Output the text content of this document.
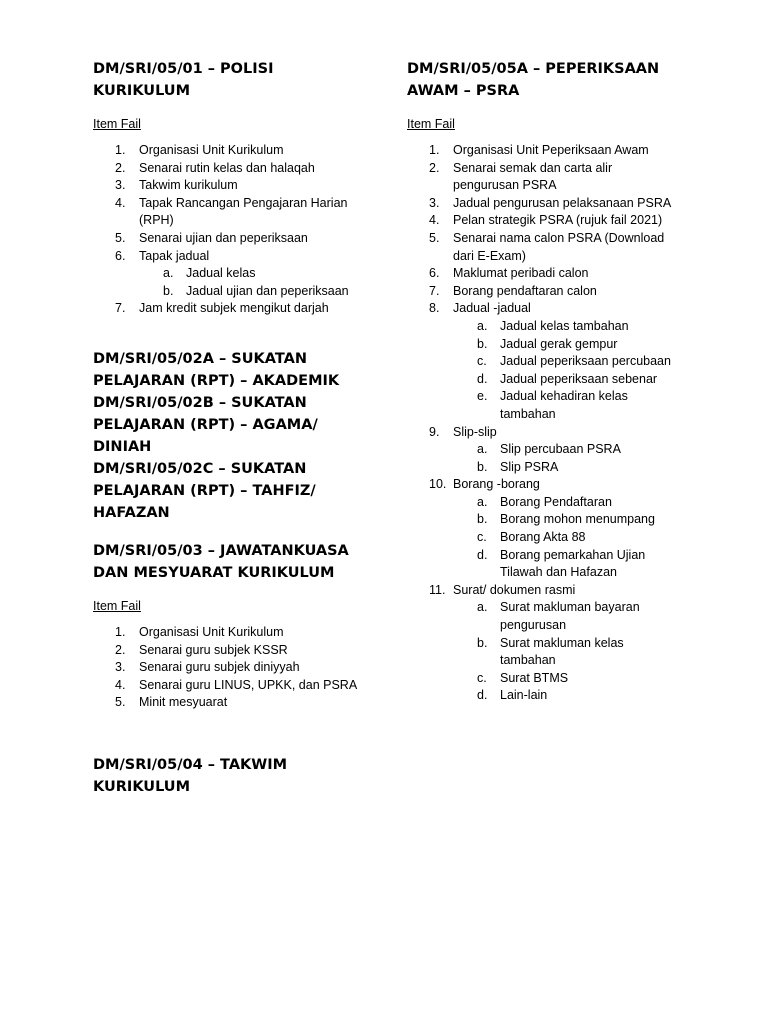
DM/SRI/05/01 – POLISI
KURIKULUM

Item Fail

1. Organisasi Unit Kurikulum
2. Senarai rutin kelas dan halaqah
3. Takwim kurikulum
4. Tapak Rancangan Pengajaran Harian
(RPH)
5. Senarai ujian dan peperiksaan
6. Tapak jadual
a. Jadual kelas
b. Jadual ujian dan peperiksaan
7. Jam kredit subjek mengikut darjah
DM/SRI/05/02A – SUKATAN
PELAJARAN (RPT) – AKADEMIK
DM/SRI/05/02B – SUKATAN
PELAJARAN (RPT) – AGAMA/
DINIAH
DM/SRI/05/02C – SUKATAN
PELAJARAN (RPT) – TAHFIZ/
HAFAZAN
DM/SRI/05/03 – JAWATANKUASA
DAN MESYUARAT KURIKULUM

Item Fail

1. Organisasi Unit Kurikulum
2. Senarai guru subjek KSSR
3. Senarai guru subjek diniyyah
4. Senarai guru LINUS, UPKK, dan PSRA
5. Minit mesyuarat
DM/SRI/05/04 – TAKWIM
KURIKULUM
DM/SRI/05/05A – PEPERIKSAAN
AWAM – PSRA

Item Fail

1. Organisasi Unit Peperiksaan Awam
2. Senarai semak dan carta alir
pengurusan PSRA
3. Jadual pengurusan pelaksanaan PSRA
4. Pelan strategik PSRA (rujuk fail 2021)
5. Senarai nama calon PSRA (Download
dari E-Exam)
6. Maklumat peribadi calon
7. Borang pendaftaran calon
8. Jadual -jadual
a. Jadual kelas tambahan
b. Jadual gerak gempur
c. Jadual peperiksaan percubaan
d. Jadual peperiksaan sebenar
e. Jadual kehadiran kelas
tambahan
9. Slip-slip
a. Slip percubaan PSRA
b. Slip PSRA
10. Borang -borang
a. Borang Pendaftaran
b. Borang mohon menumpang
c. Borang Akta 88
d. Borang pemarkahan Ujian
Tilawah dan Hafazan
11. Surat/ dokumen rasmi
a. Surat makluman bayaran
pengurusan
b. Surat makluman kelas
tambahan
c. Surat BTMS
d. Lain-lain
